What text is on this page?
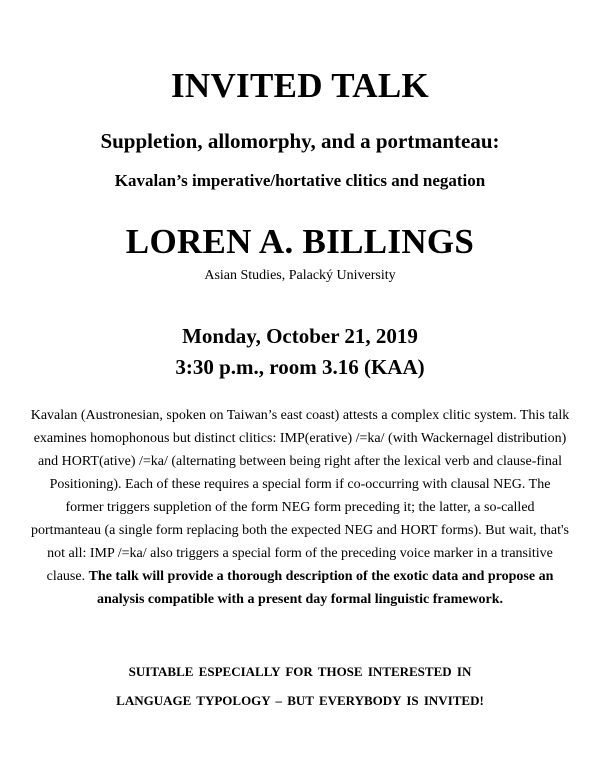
INVITED TALK

Suppletion, allomorphy, and a portmanteau:

Kavalan’s imperative/hortative clitics and negation

LOREN A. BILLINGS

Asian Studies, Palacký University

Monday, October 21, 2019

3:30 p.m., room 3.16 (KAA)

Kavalan (Austronesian, spoken on Taiwan’s east coast) attests a complex clitic system. This talk examines homophonous but distinct clitics: IMP(erative) /=ka/ (with Wackernagel distribution) and HORT(ative) /=ka/ (alternating between being right after the lexical verb and clause-final Positioning). Each of these requires a special form if co-occurring with clausal NEG. The former triggers suppletion of the form NEG form preceding it; the latter, a so-called portmanteau (a single form replacing both the expected NEG and HORT forms). But wait, that's not all: IMP /=ka/ also triggers a special form of the preceding voice marker in a transitive clause. The talk will provide a thorough description of the exotic data and propose an analysis compatible with a present day formal linguistic framework.

SUITABLE ESPECIALLY FOR THOSE INTERESTED IN
LANGUAGE TYPOLOGY – BUT EVERYBODY IS INVITED!
